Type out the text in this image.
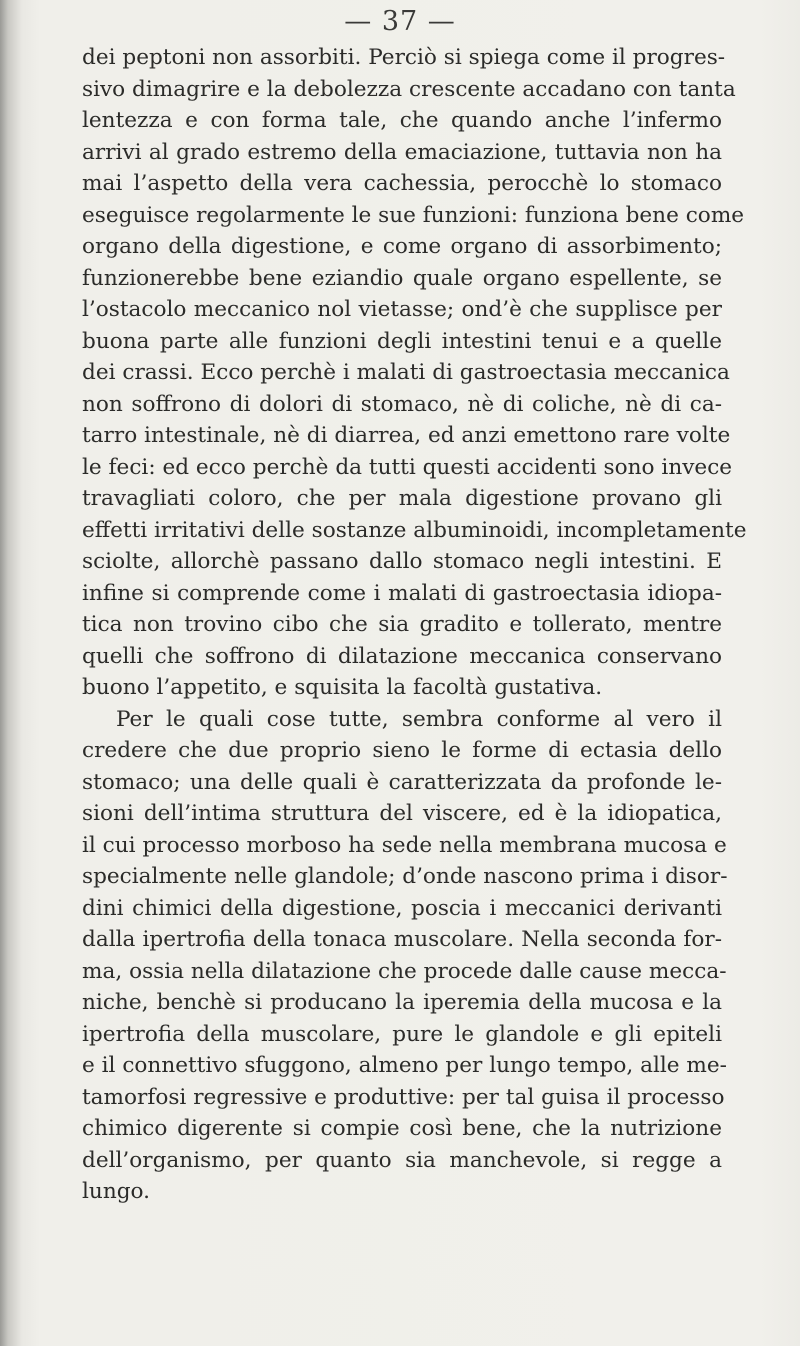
— 37 —
dei peptoni non assorbiti. Perciò si spiega come il progres-
sivo dimagrire e la debolezza crescente accadano con tanta
lentezza e con forma tale, che quando anche l’infermo
arrivi al grado estremo della emaciazione, tuttavia non ha
mai l’aspetto della vera cachessia, perocchè lo stomaco
eseguisce regolarmente le sue funzioni: funziona bene come
organo della digestione, e come organo di assorbimento;
funzionerebbe bene eziandio quale organo espellente, se
l’ostacolo meccanico nol vietasse; ond’è che supplisce per
buona parte alle funzioni degli intestini tenui e a quelle
dei crassi. Ecco perchè i malati di gastroectasia meccanica
non soffrono di dolori di stomaco, nè di coliche, nè di ca-
tarro intestinale, nè di diarrea, ed anzi emettono rare volte
le feci: ed ecco perchè da tutti questi accidenti sono invece
travagliati coloro, che per mala digestione provano gli
effetti irritativi delle sostanze albuminoidi, incompletamente
sciolte, allorchè passano dallo stomaco negli intestini. E
infine si comprende come i malati di gastroectasia idiopa-
tica non trovino cibo che sia gradito e tollerato, mentre
quelli che soffrono di dilatazione meccanica conservano
buono l’appetito, e squisita la facoltà gustativa.
Per le quali cose tutte, sembra conforme al vero il
credere che due proprio sieno le forme di ectasia dello
stomaco; una delle quali è caratterizzata da profonde le-
sioni dell’intima struttura del viscere, ed è la idiopatica,
il cui processo morboso ha sede nella membrana mucosa e
specialmente nelle glandole; d’onde nascono prima i disor-
dini chimici della digestione, poscia i meccanici derivanti
dalla ipertrofia della tonaca muscolare. Nella seconda for-
ma, ossia nella dilatazione che procede dalle cause mecca-
niche, benchè si producano la iperemia della mucosa e la
ipertrofia della muscolare, pure le glandole e gli epiteli
e il connettivo sfuggono, almeno per lungo tempo, alle me-
tamorfosi regressive e produttive: per tal guisa il processo
chimico digerente si compie così bene, che la nutrizione
dell’organismo, per quanto sia manchevole, si regge a
lungo.
